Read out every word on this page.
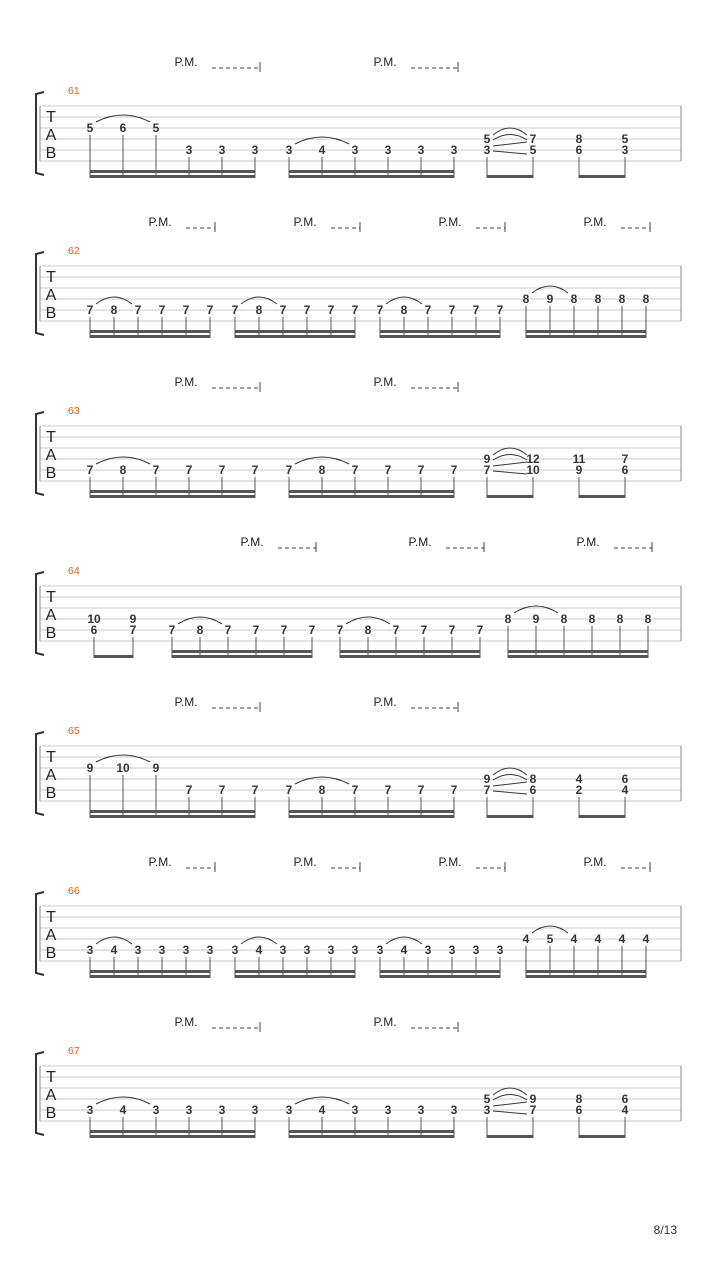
8/13
T
A
B
61
P.M.	P.M.
5 6 5
3 3 3 3 4 3 3 3 3
5
3
7
5
8
6
5
3
T
A
B
62
P.M.	P.M.	P.M.	P.M.
7 8 7 7 7 7 7 8 7 7 7 7 7 8 7 7 7 7
8 9 8 8 8 8
T
A
B
63
P.M.	P.M.
7 8 7 7 7 7 7 8 7 7 7 7
9
7
12
10
11
9
7
6
T
A
B
64
P.M.	P.M.	P.M.
10
6
9
7	7 8 7 7 7 7 7 8 7 7 7 7
8 9 8 8 8 8
T
A
B
65
P.M.	P.M.
9 10 9
7 7 7 7 8 7 7 7 7
9
7
8
6
4
2
6
4
T
A
B
66
P.M.	P.M.	P.M.	P.M.
3 4 3 3 3 3 3 4 3 3 3 3 3 4 3 3 3 3
4 5 4 4 4 4
T
A
B
67
P.M.	P.M.
3 4 3 3 3 3 3 4 3 3 3 3
5
3
9
7
8
6
6
4
